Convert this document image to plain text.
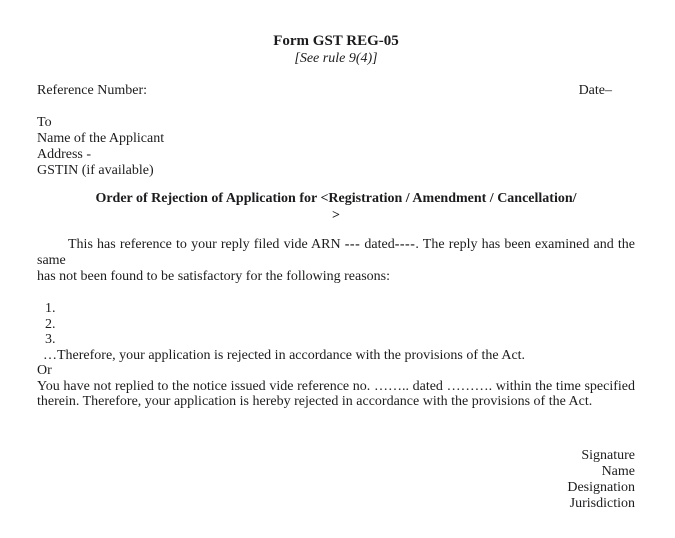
Form GST REG-05
[See rule 9(4)]
Reference Number:	Date–
To
Name of the Applicant
Address -
GSTIN (if available)
Order of Rejection of Application for <Registration / Amendment / Cancellation/
>
This has reference to your reply filed vide ARN --- dated----. The reply has been examined and the same
has not been found to be satisfactory for the following reasons:
1.
2.
3.
…Therefore, your application is rejected in accordance with the provisions of the Act.
Or
You have not replied to the notice issued vide reference no. …….. dated ………. within the time specified
therein. Therefore, your application is hereby rejected in accordance with the provisions of the Act.
Signature
Name
Designation
Jurisdiction
